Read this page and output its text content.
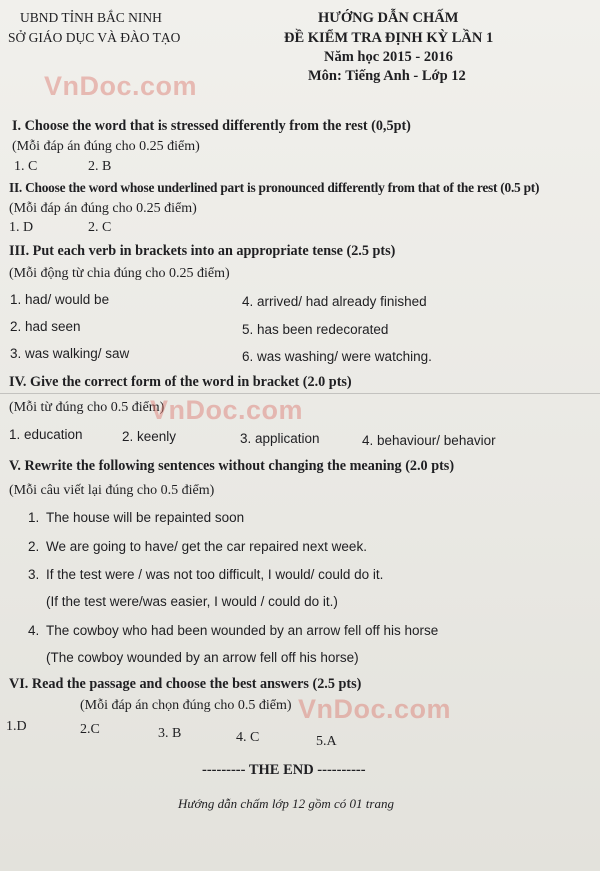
UBND TỈNH BẮC NINH
SỞ GIÁO DỤC VÀ ĐÀO TẠO
HƯỚNG DẪN CHẤM
ĐỀ KIỂM TRA ĐỊNH KỲ LẦN 1
Năm học 2015 - 2016
Môn: Tiếng Anh - Lớp 12
VnDoc.com
I. Choose the word that is stressed differently from the rest (0,5pt)
(Mỗi đáp án đúng cho 0.25 điểm)
1. C	2. B
II. Choose the word whose underlined part is pronounced differently from that of the rest (0.5 pt)
(Mỗi đáp án đúng cho 0.25 điểm)
1. D	2. C
III. Put each verb in brackets into an appropriate tense (2.5 pts)
(Mỗi động từ chia đúng cho 0.25 điểm)
1. had/ would be	4. arrived/ had already finished
2. had seen	5. has been redecorated
3. was walking/ saw	6. was washing/ were watching.
IV. Give the correct form of the word in bracket (2.0 pts)
(Mỗi từ đúng cho 0.5 điểm)
VnDoc.com
1. education	2. keenly	3. application	4. behaviour/ behavior
V. Rewrite the following sentences without changing the meaning (2.0 pts)
(Mỗi câu viết lại đúng cho 0.5 điểm)
1. The house will be repainted soon
2. We are going to have/ get the car repaired next week.
3. If the test were / was not too difficult, I would/ could do it.
(If the test were/was easier, I would / could do it.)
4. The cowboy who had been wounded by an arrow fell off his horse
(The cowboy wounded by an arrow fell off his horse)
VI. Read the passage and choose the best answers (2.5 pts)
(Mỗi đáp án chọn đúng cho 0.5 điểm) VnDoc.com
1.D	2.C	3. B	4. C	5.A
--------- THE END ----------
Hướng dẫn chấm lớp 12 gồm có 01 trang
